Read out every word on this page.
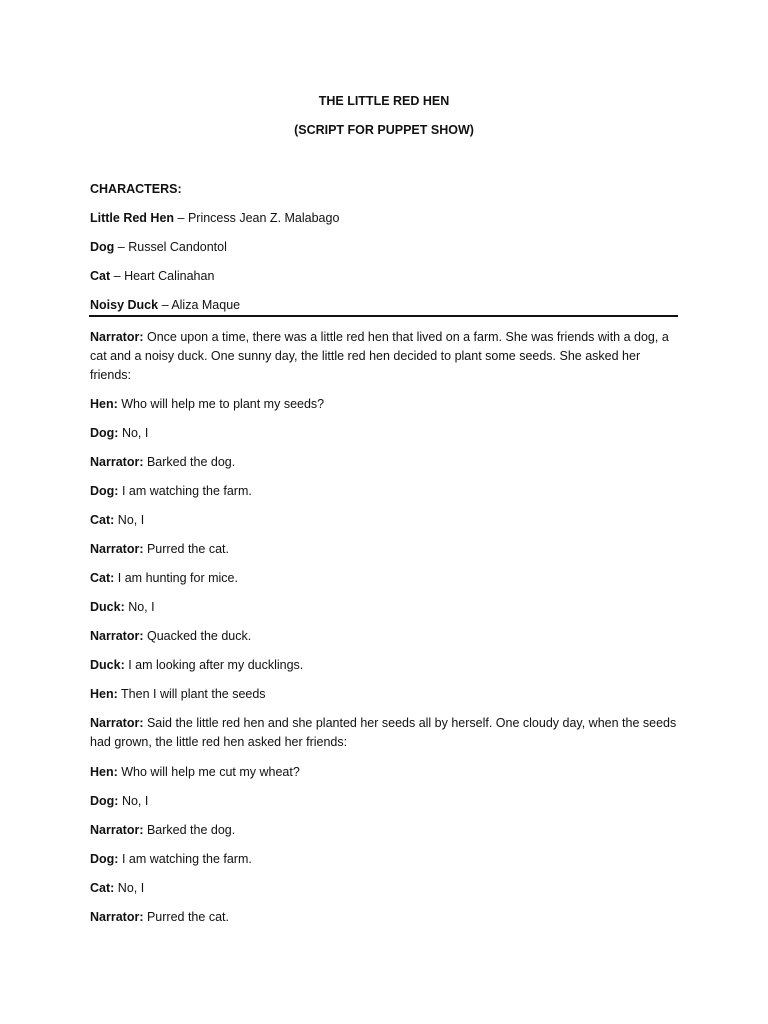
THE LITTLE RED HEN
(SCRIPT FOR PUPPET SHOW)
CHARACTERS:
Little Red Hen – Princess Jean Z. Malabago
Dog – Russel Candontol
Cat – Heart Calinahan
Noisy Duck – Aliza Maque
Narrator: Once upon a time, there was a little red hen that lived on a farm. She was friends with a dog, a cat and a noisy duck. One sunny day, the little red hen decided to plant some seeds. She asked her friends:
Hen: Who will help me to plant my seeds?
Dog: No, I
Narrator: Barked the dog.
Dog: I am watching the farm.
Cat: No, I
Narrator: Purred the cat.
Cat: I am hunting for mice.
Duck: No, I
Narrator: Quacked the duck.
Duck: I am looking after my ducklings.
Hen: Then I will plant the seeds
Narrator: Said the little red hen and she planted her seeds all by herself. One cloudy day, when the seeds had grown, the little red hen asked her friends:
Hen: Who will help me cut my wheat?
Dog: No, I
Narrator: Barked the dog.
Dog: I am watching the farm.
Cat: No, I
Narrator: Purred the cat.
